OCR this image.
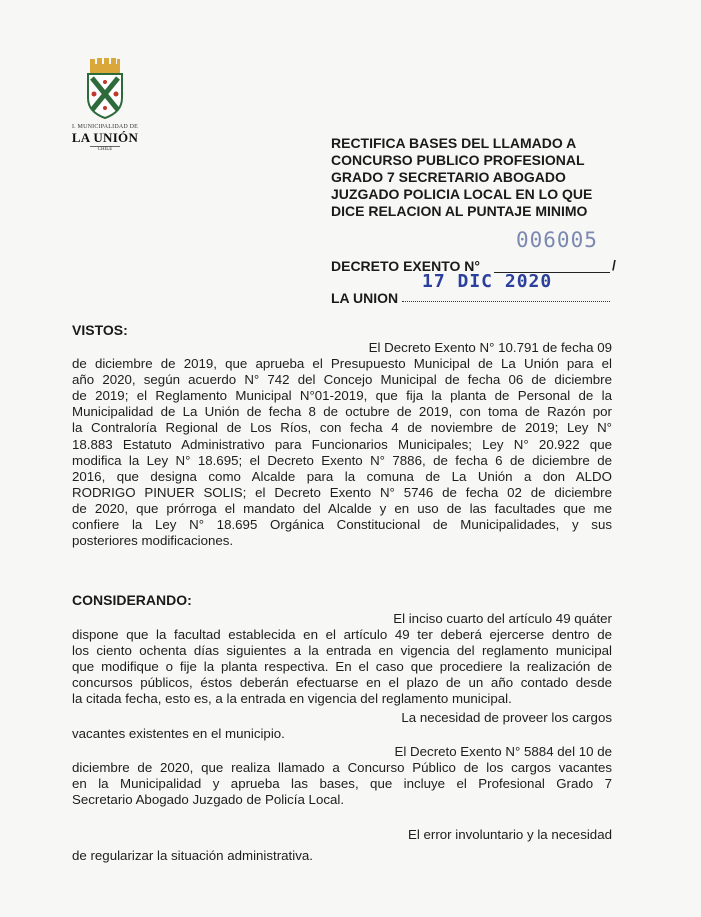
I. MUNICIPALIDAD DE
LA UNIÓN
CHILE	RECTIFICA BASES DEL LLAMADO A
CONCURSO PUBLICO PROFESIONAL
GRADO 7 SECRETARIO ABOGADO
JUZGADO POLICIA LOCAL EN LO QUE
DICE RELACION AL PUNTAJE MINIMO
006005
DECRETO EXENTO N°	/
17 DIC 2020
LA UNION
VISTOS:
El Decreto Exento N° 10.791 de fecha 09
de diciembre de 2019, que aprueba el Presupuesto Municipal de La Unión para el
año 2020, según acuerdo N° 742 del Concejo Municipal de fecha 06 de diciembre
de 2019; el Reglamento Municipal N°01-2019, que fija la planta de Personal de la
Municipalidad de La Unión de fecha 8 de octubre de 2019, con toma de Razón por
la Contraloría Regional de Los Ríos, con fecha 4 de noviembre de 2019; Ley N°
18.883 Estatuto Administrativo para Funcionarios Municipales; Ley N° 20.922 que
modifica la Ley N° 18.695; el Decreto Exento N° 7886, de fecha 6 de diciembre de
2016, que designa como Alcalde para la comuna de La Unión a don ALDO
RODRIGO PINUER SOLIS; el Decreto Exento N° 5746 de fecha 02 de diciembre
de 2020, que prórroga el mandato del Alcalde y en uso de las facultades que me
confiere la Ley N° 18.695 Orgánica Constitucional de Municipalidades, y sus
posteriores modificaciones.
CONSIDERANDO:
El inciso cuarto del artículo 49 quáter
dispone que la facultad establecida en el artículo 49 ter deberá ejercerse dentro de
los ciento ochenta días siguientes a la entrada en vigencia del reglamento municipal
que modifique o fije la planta respectiva. En el caso que procediere la realización de
concursos públicos, éstos deberán efectuarse en el plazo de un año contado desde
la citada fecha, esto es, a la entrada en vigencia del reglamento municipal.
La necesidad de proveer los cargos
vacantes existentes en el municipio.
El Decreto Exento N° 5884 del 10 de
diciembre de 2020, que realiza llamado a Concurso Público de los cargos vacantes
en la Municipalidad y aprueba las bases, que incluye el Profesional Grado 7
Secretario Abogado Juzgado de Policía Local.
El error involuntario y la necesidad
de regularizar la situación administrativa.
